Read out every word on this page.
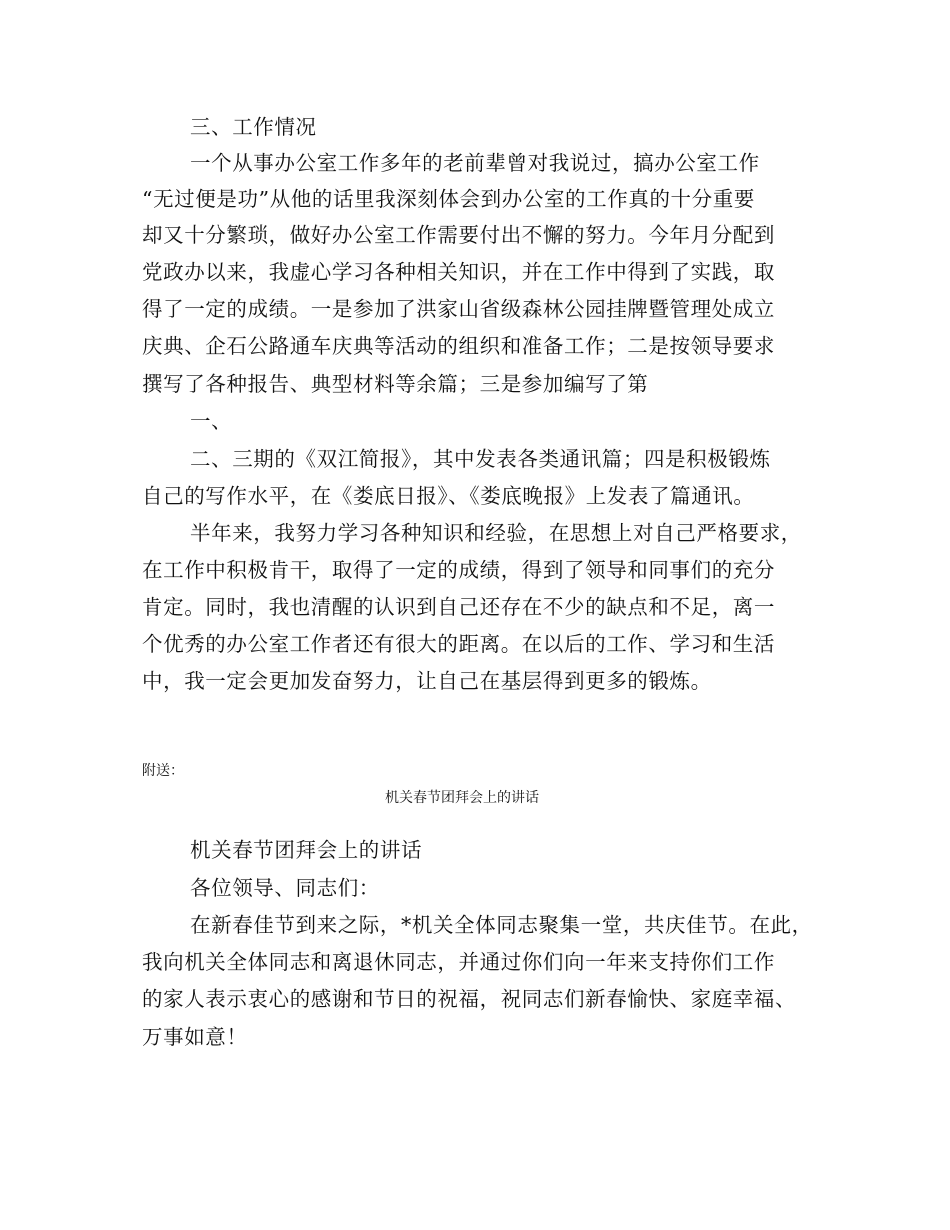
三、工作情况
一个从事办公室工作多年的老前辈曾对我说过，搞办公室工作
“无过便是功”从他的话里我深刻体会到办公室的工作真的十分重要
却又十分繁琐，做好办公室工作需要付出不懈的努力。今年月分配到
党政办以来，我虚心学习各种相关知识，并在工作中得到了实践，取
得了一定的成绩。一是参加了洪家山省级森林公园挂牌暨管理处成立
庆典、企石公路通车庆典等活动的组织和准备工作；二是按领导要求
撰写了各种报告、典型材料等余篇；三是参加编写了第
一、
二、三期的《双江简报》，其中发表各类通讯篇；四是积极锻炼
自己的写作水平，在《娄底日报》、《娄底晚报》上发表了篇通讯。
半年来，我努力学习各种知识和经验，在思想上对自己严格要求，
在工作中积极肯干，取得了一定的成绩，得到了领导和同事们的充分
肯定。同时，我也清醒的认识到自己还存在不少的缺点和不足，离一
个优秀的办公室工作者还有很大的距离。在以后的工作、学习和生活
中，我一定会更加发奋努力，让自己在基层得到更多的锻炼。
附送：
机关春节团拜会上的讲话
机关春节团拜会上的讲话
各位领导、同志们：
在新春佳节到来之际，*机关全体同志聚集一堂，共庆佳节。在此，
我向机关全体同志和离退休同志，并通过你们向一年来支持你们工作
的家人表示衷心的感谢和节日的祝福，祝同志们新春愉快、家庭幸福、
万事如意！
